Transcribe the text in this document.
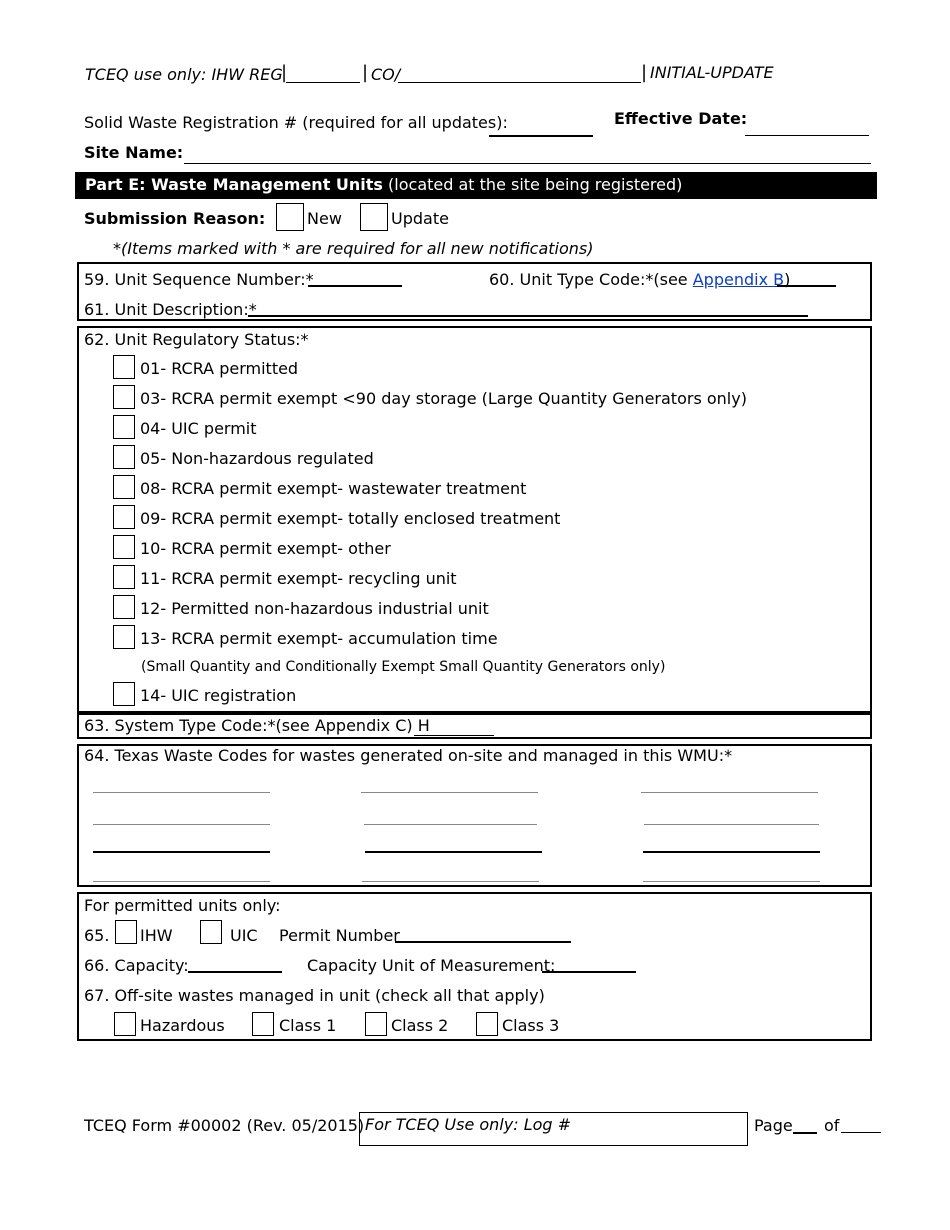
TCEQ use only: IHW REG
|	| CO/	| INITIAL-UPDATE
Solid Waste Registration # (required for all updates):	Effective Date:
Site Name:
Part E: Waste Management Units (located at the site being registered)
Submission Reason:	New	Update
*(Items marked with * are required for all new notifications)
59. Unit Sequence Number:*	60. Unit Type Code:*(see Appendix B)
61. Unit Description:*
62. Unit Regulatory Status:*
01- RCRA permitted
03- RCRA permit exempt <90 day storage (Large Quantity Generators only)
04- UIC permit
05- Non-hazardous regulated
08- RCRA permit exempt- wastewater treatment
09- RCRA permit exempt- totally enclosed treatment
10- RCRA permit exempt- other
11- RCRA permit exempt- recycling unit
12- Permitted non-hazardous industrial unit
13- RCRA permit exempt- accumulation time
(Small Quantity and Conditionally Exempt Small Quantity Generators only)
14- UIC registration
63. System Type Code:*(see Appendix C) H
64. Texas Waste Codes for wastes generated on-site and managed in this WMU:*
For permitted units only:
65. IHW	UIC Permit Number
66. Capacity:	Capacity Unit of Measurement:
67. Off-site wastes managed in unit (check all that apply)
Hazardous	Class 1	Class 2	Class 3
TCEQ Form #00002 (Rev. 05/2015) For TCEQ Use only: Log #	Page of
